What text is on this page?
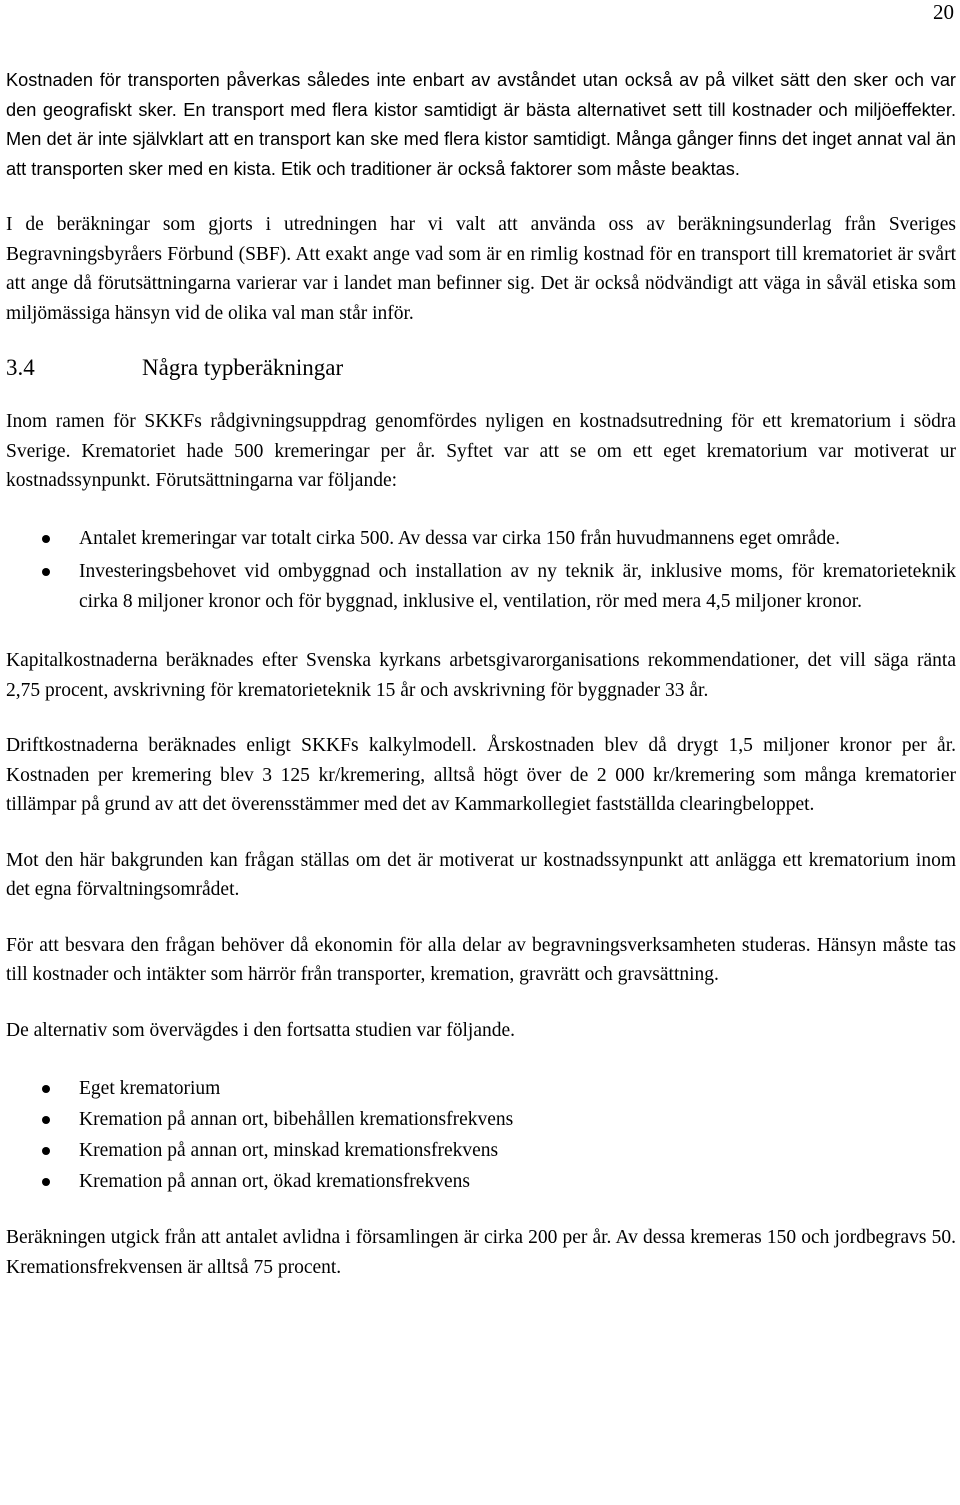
20

Kostnaden för transporten påverkas således inte enbart av avståndet utan också av på vilket sätt den sker och var den geografiskt sker. En transport med flera kistor samtidigt är bästa alternativet sett till kostnader och miljöeffekter. Men det är inte självklart att en transport kan ske med flera kistor samtidigt. Många gånger finns det inget annat val än att transporten sker med en kista. Etik och traditioner är också faktorer som måste beaktas.

I de beräkningar som gjorts i utredningen har vi valt att använda oss av beräkningsunderlag från Sveriges Begravningsbyråers Förbund (SBF). Att exakt ange vad som är en rimlig kostnad för en transport till krematoriet är svårt att ange då förutsättningarna varierar var i landet man befinner sig. Det är också nödvändigt att väga in såväl etiska som miljömässiga hänsyn vid de olika val man står inför.

3.4	Några typberäkningar

Inom ramen för SKKFs rådgivningsuppdrag genomfördes nyligen en kostnadsutredning för ett krematorium i södra Sverige. Krematoriet hade 500 kremeringar per år. Syftet var att se om ett eget krematorium var motiverat ur kostnadssynpunkt. Förutsättningarna var följande:

Antalet kremeringar var totalt cirka 500. Av dessa var cirka 150 från huvudmannens eget område.
Investeringsbehovet vid ombyggnad och installation av ny teknik är, inklusive moms, för krematorieteknik cirka 8 miljoner kronor och för byggnad, inklusive el, ventilation, rör med mera 4,5 miljoner kronor.

Kapitalkostnaderna beräknades efter Svenska kyrkans arbetsgivarorganisations rekommendationer, det vill säga ränta 2,75 procent, avskrivning för krematorieteknik 15 år och avskrivning för byggnader 33 år.

Driftkostnaderna beräknades enligt SKKFs kalkylmodell. Årskostnaden blev då drygt 1,5 miljoner kronor per år. Kostnaden per kremering blev 3 125 kr/kremering, alltså högt över de 2 000 kr/kremering som många krematorier tillämpar på grund av att det överensstämmer med det av Kammarkollegiet fastställda clearingbeloppet.

Mot den här bakgrunden kan frågan ställas om det är motiverat ur kostnadssynpunkt att anlägga ett krematorium inom det egna förvaltningsområdet.

För att besvara den frågan behöver då ekonomin för alla delar av begravningsverksamheten studeras. Hänsyn måste tas till kostnader och intäkter som härrör från transporter, kremation, gravrätt och gravsättning.

De alternativ som övervägdes i den fortsatta studien var följande.

Eget krematorium
Kremation på annan ort, bibehållen kremationsfrekvens
Kremation på annan ort, minskad kremationsfrekvens
Kremation på annan ort, ökad kremationsfrekvens

Beräkningen utgick från att antalet avlidna i församlingen är cirka 200 per år. Av dessa kremeras 150 och jordbegravs 50. Kremationsfrekvensen är alltså 75 procent.
